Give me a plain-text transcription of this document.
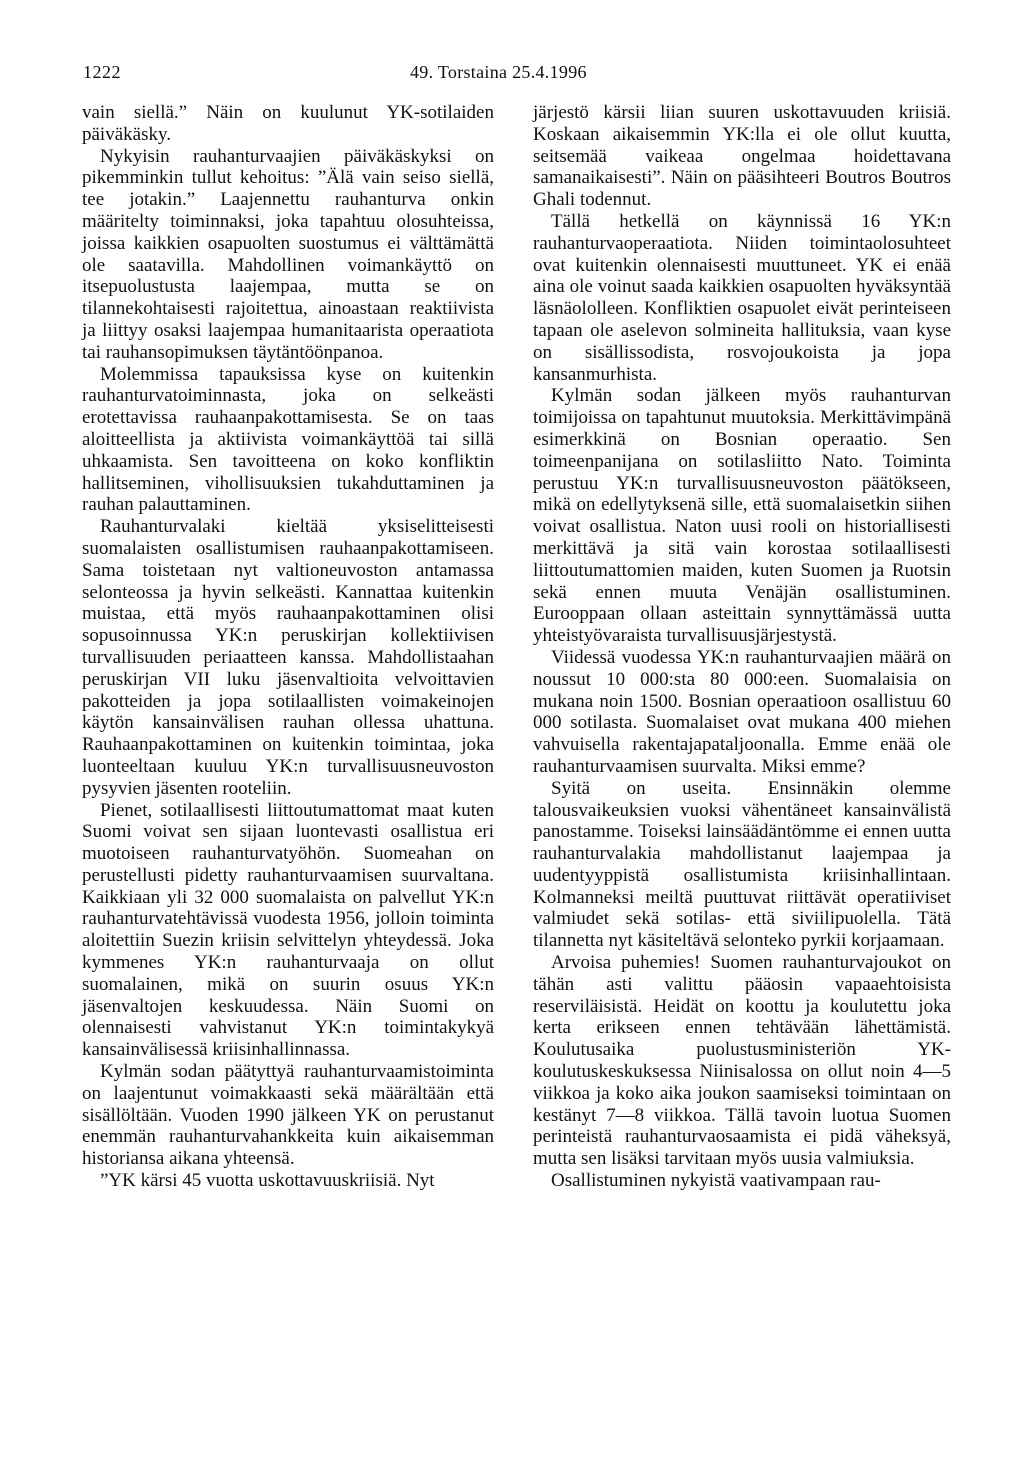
1222	49. Torstaina 25.4.1996

vain siellä.” Näin on kuulunut YK-sotilaiden päiväkäsky.

Nykyisin rauhanturvaajien päiväkäskyksi on pikemminkin tullut kehoitus: ”Älä vain seiso siellä, tee jotakin.” Laajennettu rauhanturva onkin määritelty toiminnaksi, joka tapahtuu olosuhteissa, joissa kaikkien osapuolten suostumus ei välttämättä ole saatavilla. Mahdollinen voimankäyttö on itsepuolustusta laajempaa, mutta se on tilannekohtaisesti rajoitettua, ainoastaan reaktiivista ja liittyy osaksi laajempaa humanitaarista operaatiota tai rauhansopimuksen täytäntöönpanoa.

Molemmissa tapauksissa kyse on kuitenkin rauhanturvatoiminnasta, joka on selkeästi erotettavissa rauhaanpakottamisesta. Se on taas aloitteellista ja aktiivista voimankäyttöä tai sillä uhkaamista. Sen tavoitteena on koko konfliktin hallitseminen, vihollisuuksien tukahduttaminen ja rauhan palauttaminen.

Rauhanturvalaki kieltää yksiselitteisesti suomalaisten osallistumisen rauhaanpakottamiseen. Sama toistetaan nyt valtioneuvoston antamassa selonteossa ja hyvin selkeästi. Kannattaa kuitenkin muistaa, että myös rauhaanpakottaminen olisi sopusoinnussa YK:n peruskirjan kollektiivisen turvallisuuden periaatteen kanssa. Mahdollistaahan peruskirjan VII luku jäsenvaltioita velvoittavien pakotteiden ja jopa sotilaallisten voimakeinojen käytön kansainvälisen rauhan ollessa uhattuna. Rauhaanpakottaminen on kuitenkin toimintaa, joka luonteeltaan kuuluu YK:n turvallisuusneuvoston pysyvien jäsenten rooteliin.

Pienet, sotilaallisesti liittoutumattomat maat kuten Suomi voivat sen sijaan luontevasti osallistua eri muotoiseen rauhanturvatyöhön. Suomeahan on perustellusti pidetty rauhanturvaamisen suurvaltana. Kaikkiaan yli 32 000 suomalaista on palvellut YK:n rauhanturvatehtävissä vuodesta 1956, jolloin toiminta aloitettiin Suezin kriisin selvittelyn yhteydessä. Joka kymmenes YK:n rauhanturvaaja on ollut suomalainen, mikä on suurin osuus YK:n jäsenvaltojen keskuudessa. Näin Suomi on olennaisesti vahvistanut YK:n toimintakykyä kansainvälisessä kriisinhallinnassa.

Kylmän sodan päätyttyä rauhanturvaamistoiminta on laajentunut voimakkaasti sekä määrältään että sisällöltään. Vuoden 1990 jälkeen YK on perustanut enemmän rauhanturvahankkeita kuin aikaisemman historiansa aikana yhteensä.

”YK kärsi 45 vuotta uskottavuuskriisiä. Nyt

järjestö kärsii liian suuren uskottavuuden kriisiä. Koskaan aikaisemmin YK:lla ei ole ollut kuutta, seitsemää vaikeaa ongelmaa hoidettavana samanaikaisesti”. Näin on pääsihteeri Boutros Boutros Ghali todennut.

Tällä hetkellä on käynnissä 16 YK:n rauhanturvaoperaatiota. Niiden toimintaolosuhteet ovat kuitenkin olennaisesti muuttuneet. YK ei enää aina ole voinut saada kaikkien osapuolten hyväksyntää läsnäololleen. Konfliktien osapuolet eivät perinteiseen tapaan ole aselevon solmineita hallituksia, vaan kyse on sisällissodista, rosvojoukoista ja jopa kansanmurhista.

Kylmän sodan jälkeen myös rauhanturvan toimijoissa on tapahtunut muutoksia. Merkittävimpänä esimerkkinä on Bosnian operaatio. Sen toimeenpanijana on sotilasliitto Nato. Toiminta perustuu YK:n turvallisuusneuvoston päätökseen, mikä on edellytyksenä sille, että suomalaisetkin siihen voivat osallistua. Naton uusi rooli on historiallisesti merkittävä ja sitä vain korostaa sotilaallisesti liittoutumattomien maiden, kuten Suomen ja Ruotsin sekä ennen muuta Venäjän osallistuminen. Eurooppaan ollaan asteittain synnyttämässä uutta yhteistyövaraista turvallisuusjärjestystä.

Viidessä vuodessa YK:n rauhanturvaajien määrä on noussut 10 000:sta 80 000:een. Suomalaisia on mukana noin 1500. Bosnian operaatioon osallistuu 60 000 sotilasta. Suomalaiset ovat mukana 400 miehen vahvuisella rakentajapataljoonalla. Emme enää ole rauhanturvaamisen suurvalta. Miksi emme?

Syitä on useita. Ensinnäkin olemme talousvaikeuksien vuoksi vähentäneet kansainvälistä panostamme. Toiseksi lainsäädäntömme ei ennen uutta rauhanturvalakia mahdollistanut laajempaa ja uudentyyppistä osallistumista kriisinhallintaan. Kolmanneksi meiltä puuttuvat riittävät operatiiviset valmiudet sekä sotilas- että siviilipuolella. Tätä tilannetta nyt käsiteltävä selonteko pyrkii korjaamaan.

Arvoisa puhemies! Suomen rauhanturvajoukot on tähän asti valittu pääosin vapaaehtoisista reserviläisistä. Heidät on koottu ja koulutettu joka kerta erikseen ennen tehtävään lähettämistä. Koulutusaika puolustusministeriön YK-koulutuskeskuksessa Niinisalossa on ollut noin 4—5 viikkoa ja koko aika joukon saamiseksi toimintaan on kestänyt 7—8 viikkoa. Tällä tavoin luotua Suomen perinteistä rauhanturvaosaamista ei pidä väheksyä, mutta sen lisäksi tarvitaan myös uusia valmiuksia.

Osallistuminen nykyistä vaativampaan rau-
